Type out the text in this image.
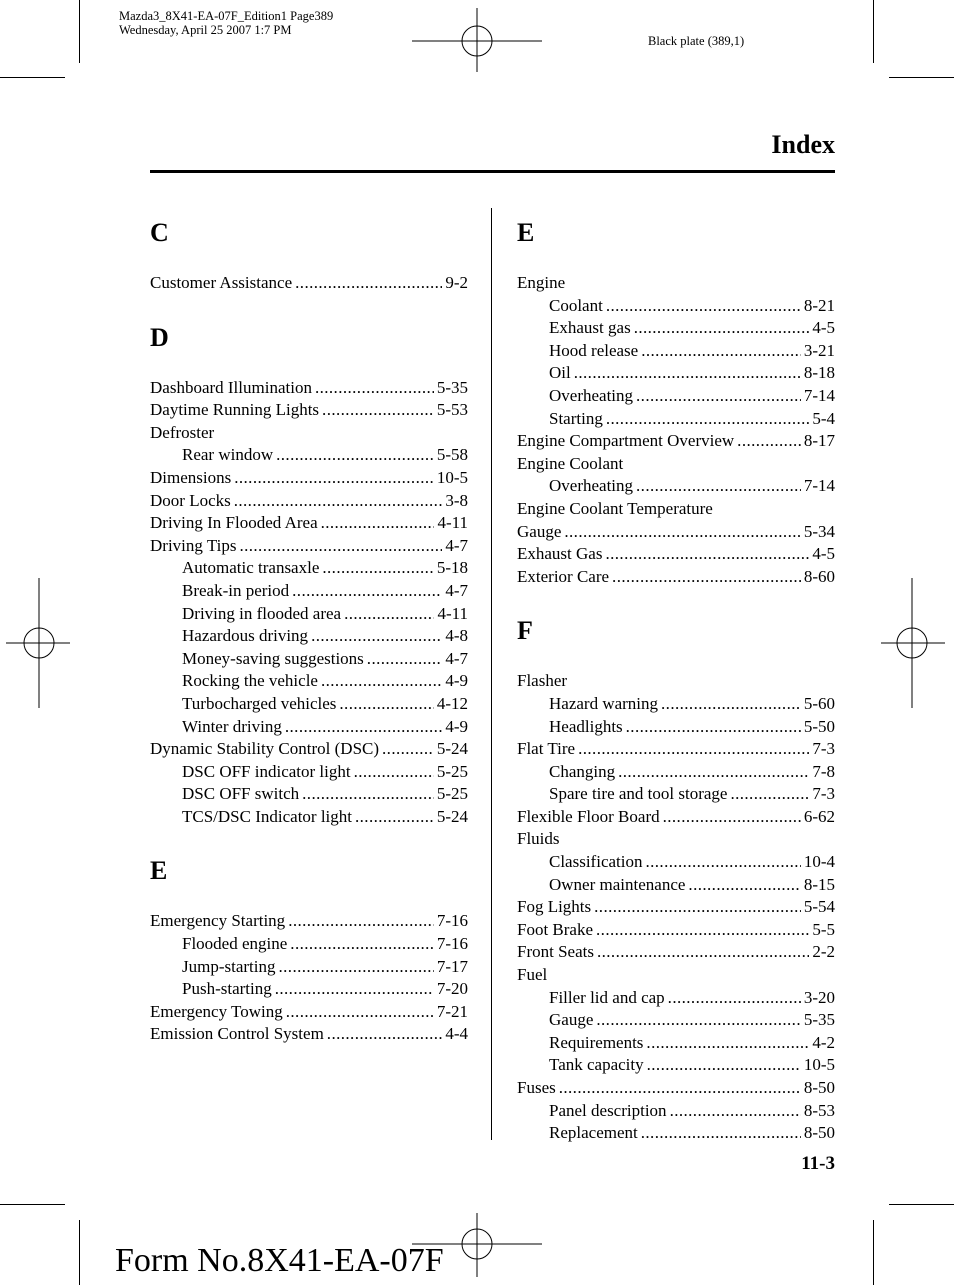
Mazda3_8X41-EA-07F_Edition1 Page389
Wednesday, April 25 2007 1:7 PM
Black plate (389,1)
Index
C
Customer Assistance .....	9-2
D
Dashboard Illumination .....	5-35
Daytime Running Lights .....	5-53
Defroster
Rear window .....	5-58
Dimensions .....	10-5
Door Locks .....	3-8
Driving In Flooded Area .....	4-11
Driving Tips .....	4-7
Automatic transaxle .....	5-18
Break-in period .....	4-7
Driving in flooded area .....	4-11
Hazardous driving .....	4-8
Money-saving suggestions .....	4-7
Rocking the vehicle .....	4-9
Turbocharged vehicles .....	4-12
Winter driving .....	4-9
Dynamic Stability Control (DSC) .....	5-24
DSC OFF indicator light .....	5-25
DSC OFF switch .....	5-25
TCS/DSC Indicator light .....	5-24
E
Emergency Starting .....	7-16
Flooded engine .....	7-16
Jump-starting .....	7-17
Push-starting .....	7-20
Emergency Towing .....	7-21
Emission Control System .....	4-4
E
Engine
Coolant .....	8-21
Exhaust gas .....	4-5
Hood release .....	3-21
Oil .....	8-18
Overheating .....	7-14
Starting .....	5-4
Engine Compartment Overview .....	8-17
Engine Coolant
Overheating .....	7-14
Engine Coolant Temperature
Gauge .....	5-34
Exhaust Gas .....	4-5
Exterior Care .....	8-60
F
Flasher
Hazard warning .....	5-60
Headlights .....	5-50
Flat Tire .....	7-3
Changing .....	7-8
Spare tire and tool storage .....	7-3
Flexible Floor Board .....	6-62
Fluids
Classification .....	10-4
Owner maintenance .....	8-15
Fog Lights .....	5-54
Foot Brake .....	5-5
Front Seats .....	2-2
Fuel
Filler lid and cap .....	3-20
Gauge .....	5-35
Requirements .....	4-2
Tank capacity .....	10-5
Fuses .....	8-50
Panel description .....	8-53
Replacement .....	8-50
11-3
Form No.8X41-EA-07F
